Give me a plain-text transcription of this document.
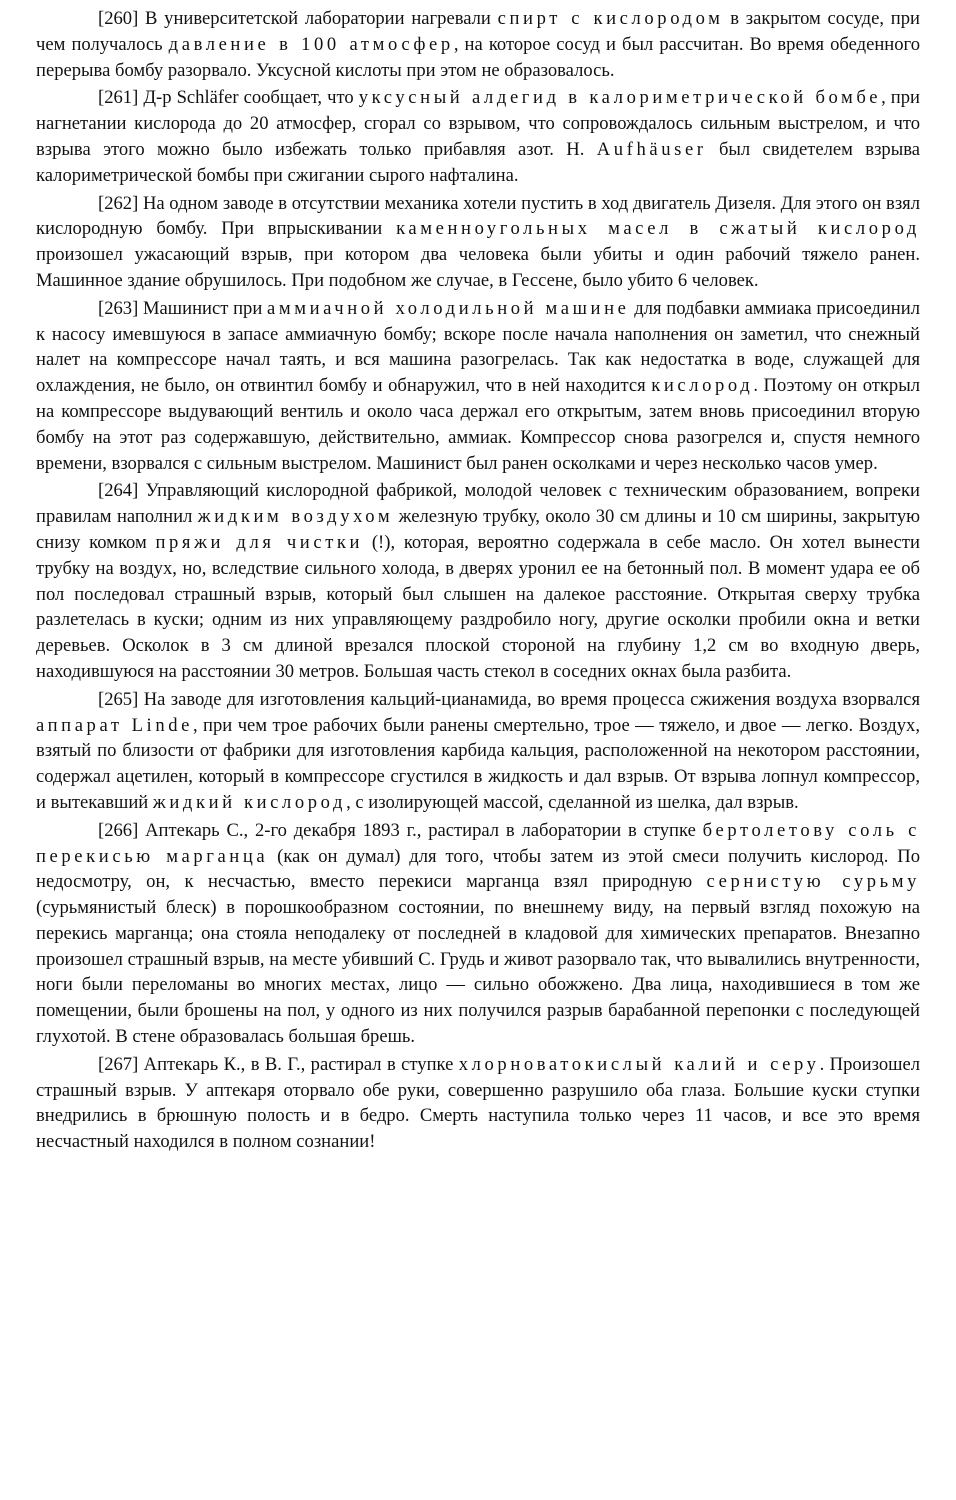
[260] В университетской лаборатории нагревали спирт с кислородом в закрытом сосуде, при чем получалось давление в 100 атмосфер, на которое сосуд и был рассчитан. Во время обеденного перерыва бомбу разорвало. Уксусной кислоты при этом не образовалось.

[261] Д-р Schläfer сообщает, что уксусный алдегид в калориметрической бомбе, при нагнетании кислорода до 20 атмосфер, сгорал со взрывом, что сопровождалось сильным выстрелом, и что взрыва этого можно было избежать только прибавляя азот. Н. Aufhäuser был свидетелем взрыва калориметрической бомбы при сжигании сырого нафталина.

[262] На одном заводе в отсутствии механика хотели пустить в ход двигатель Дизеля. Для этого он взял кислородную бомбу. При впрыскивании каменноугольных масел в сжатый кислород произошел ужасающий взрыв, при котором два человека были убиты и один рабочий тяжело ранен. Машинное здание обрушилось. При подобном же случае, в Гессене, было убито 6 человек.

[263] Машинист при аммиачной холодильной машине для подбавки аммиака присоединил к насосу имевшуюся в запасе аммиачную бомбу; вскоре после начала наполнения он заметил, что снежный налет на компрессоре начал таять, и вся машина разогрелась. Так как недостатка в воде, служащей для охлаждения, не было, он отвинтил бомбу и обнаружил, что в ней находится кислород. Поэтому он открыл на компрессоре выдувающий вентиль и около часа держал его открытым, затем вновь присоединил вторую бомбу на этот раз содержавшую, действительно, аммиак. Компрессор снова разогрелся и, спустя немного времени, взорвался с сильным выстрелом. Машинист был ранен осколками и через несколько часов умер.

[264] Управляющий кислородной фабрикой, молодой человек с техническим образованием, вопреки правилам наполнил жидким воздухом железную трубку, около 30 см длины и 10 см ширины, закрытую снизу комком пряжи для чистки (!), которая, вероятно содержала в себе масло. Он хотел вынести трубку на воздух, но, вследствие сильного холода, в дверях уронил ее на бетонный пол. В момент удара ее об пол последовал страшный взрыв, который был слышен на далекое расстояние. Открытая сверху трубка разлетелась в куски; одним из них управляющему раздробило ногу, другие осколки пробили окна и ветки деревьев. Осколок в 3 см длиной врезался плоской стороной на глубину 1,2 см во входную дверь, находившуюся на расстоянии 30 метров. Большая часть стекол в соседних окнах была разбита.

[265] На заводе для изготовления кальций-цианамида, во время процесса сжижения воздуха взорвался аппарат Linde, при чем трое рабочих были ранены смертельно, трое — тяжело, и двое — легко. Воздух, взятый по близости от фабрики для изготовления карбида кальция, расположенной на некотором расстоянии, содержал ацетилен, который в компрессоре сгустился в жидкость и дал взрыв. От взрыва лопнул компрессор, и вытекавший жидкий кислород, с изолирующей массой, сделанной из шелка, дал взрыв.

[266] Аптекарь С., 2-го декабря 1893 г., растирал в лаборатории в ступке бертолетову соль с перекисью марганца (как он думал) для того, чтобы затем из этой смеси получить кислород. По недосмотру, он, к несчастью, вместо перекиси марганца взял природную сернистую сурьму (сурьмянистый блеск) в порошкообразном состоянии, по внешнему виду, на первый взгляд похожую на перекись марганца; она стояла неподалеку от последней в кладовой для химических препаратов. Внезапно произошел страшный взрыв, на месте убивший С. Грудь и живот разорвало так, что вывалились внутренности, ноги были переломаны во многих местах, лицо — сильно обожжено. Два лица, находившиеся в том же помещении, были брошены на пол, у одного из них получился разрыв барабанной перепонки с последующей глухотой. В стене образовалась большая брешь.

[267] Аптекарь К., в В. Г., растирал в ступке хлорноватокислый калий и серу. Произошел страшный взрыв. У аптекаря оторвало обе руки, совершенно разрушило оба глаза. Большие куски ступки внедрились в брюшную полость и в бедро. Смерть наступила только через 11 часов, и все это время несчастный находился в полном сознании!
